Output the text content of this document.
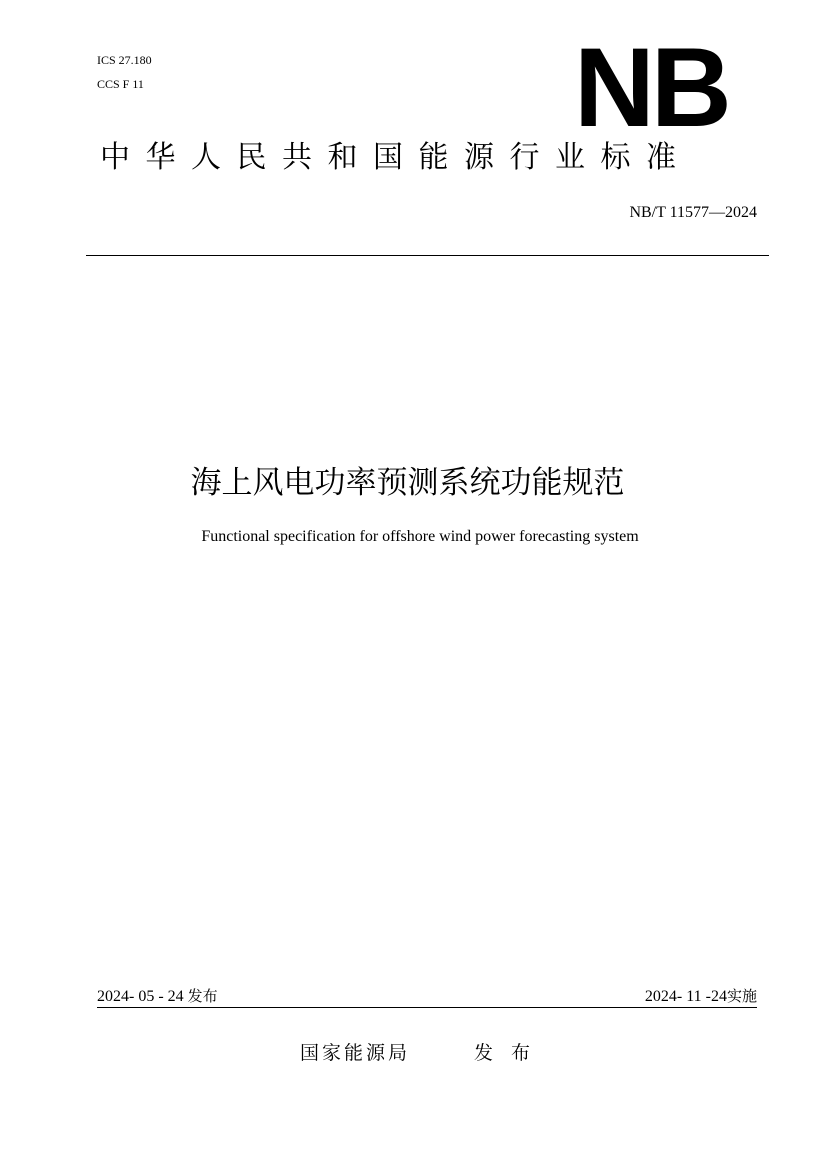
ICS 27.180
CCS F 11	NB
中华人民共和国能源行业标准
NB/T 11577—2024
海上风电功率预测系统功能规范
Functional specification for offshore wind power forecasting system
2024- 05 - 24 发布	2024- 11 -24实施
国家能源局	发布
